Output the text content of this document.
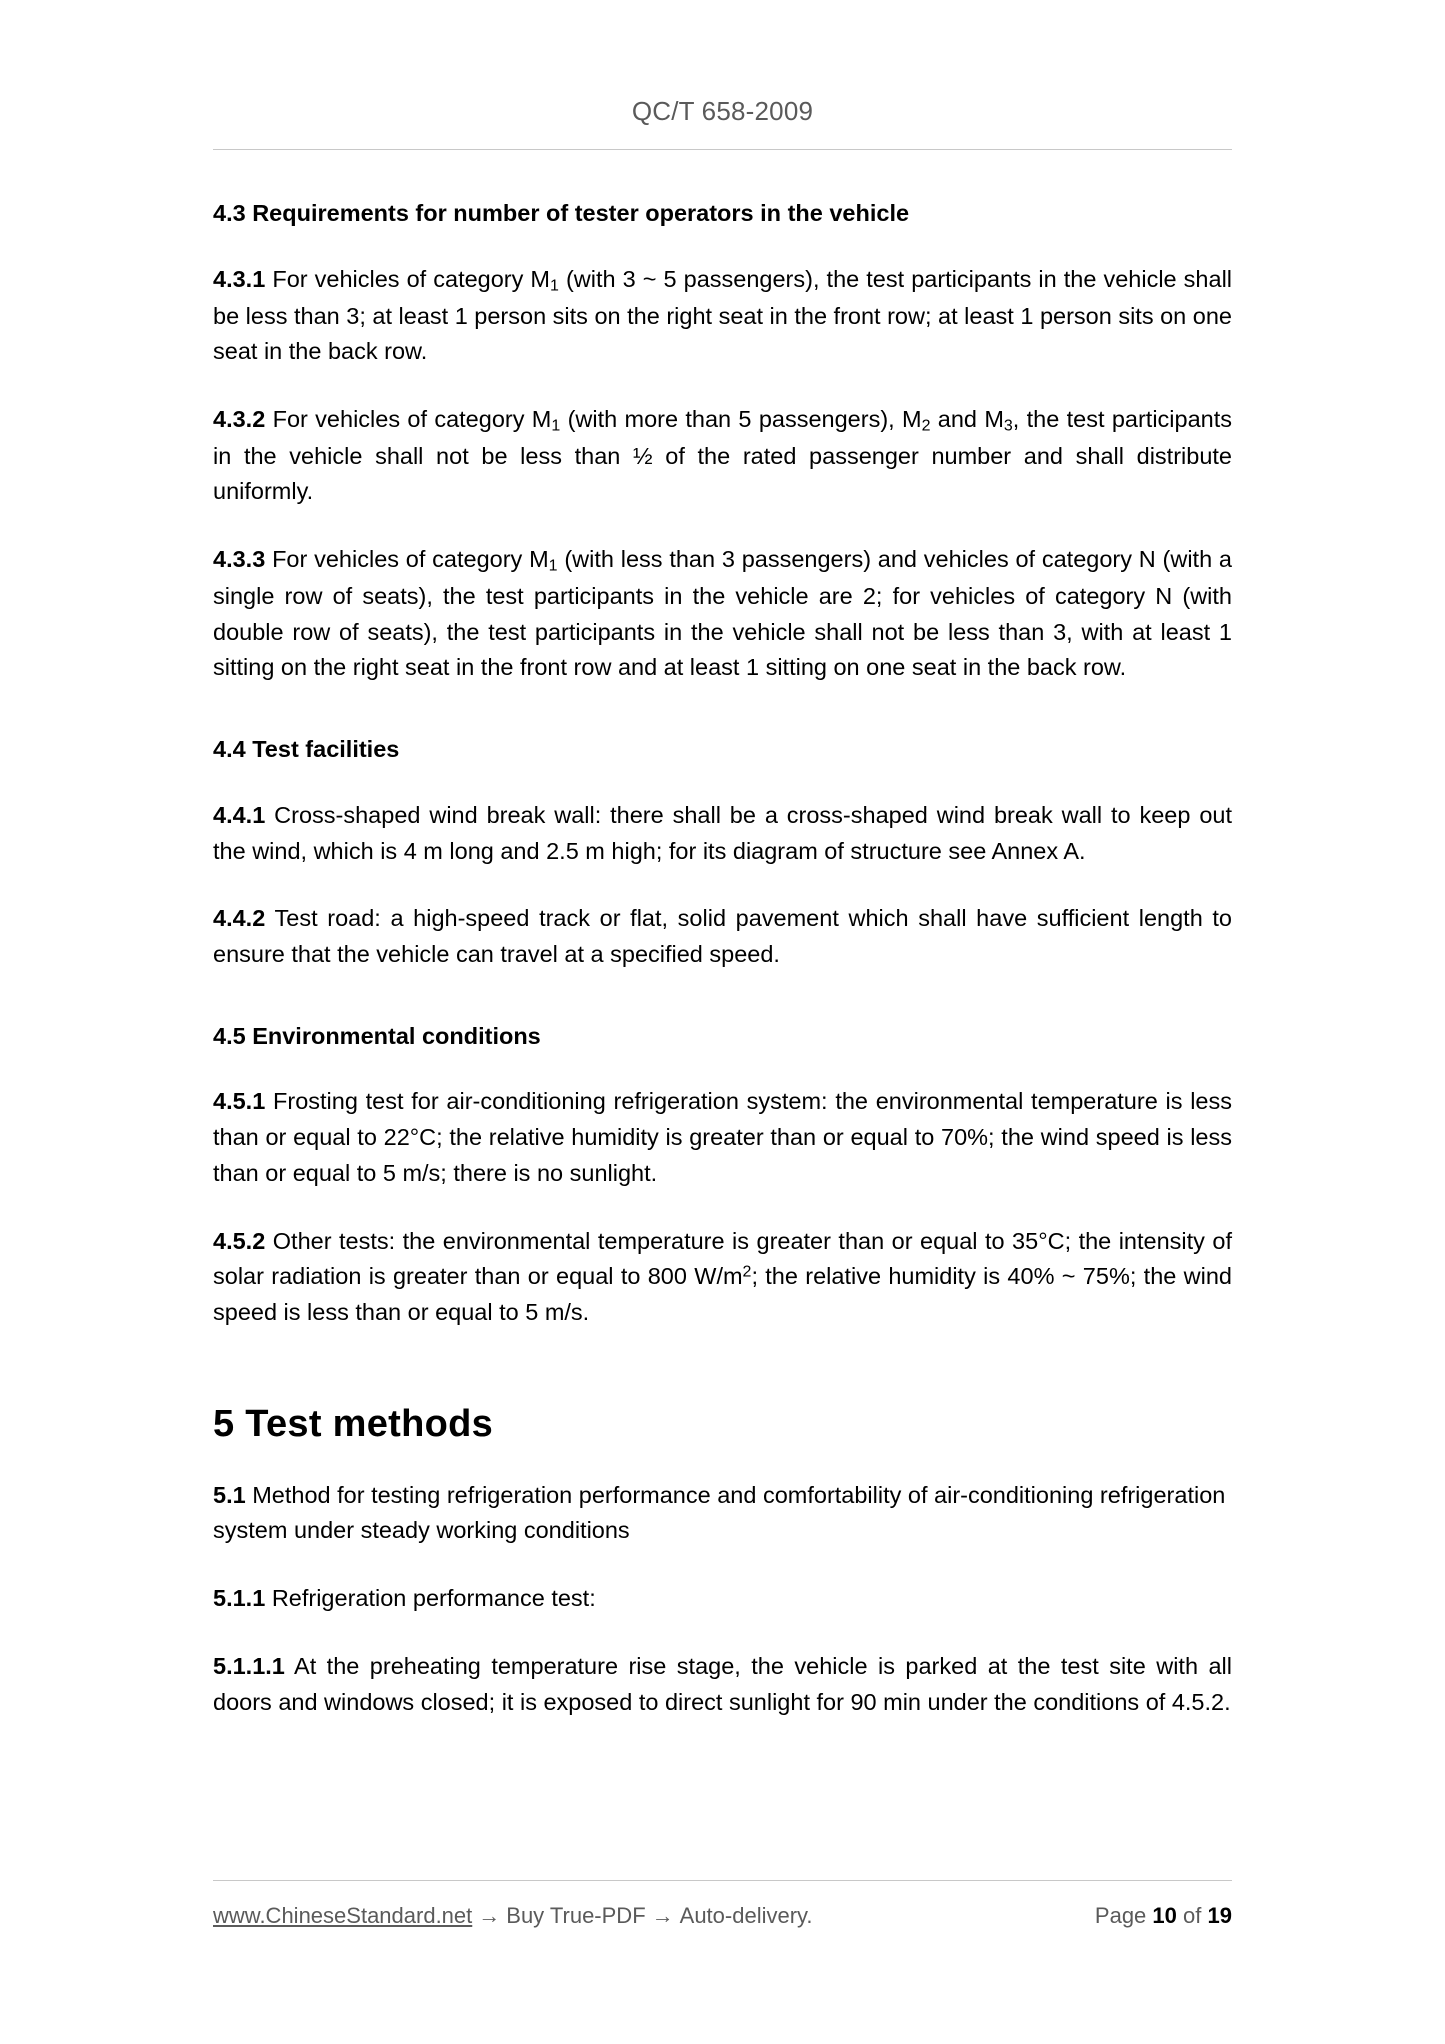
QC/T 658-2009
4.3 Requirements for number of tester operators in the vehicle

4.3.1 For vehicles of category $M_1$ (with 3 ~ 5 passengers), the test participants in the vehicle shall be less than 3; at least 1 person sits on the right seat in the front row; at least 1 person sits on one seat in the back row.

4.3.2 For vehicles of category $M_1$ (with more than 5 passengers), $M_2$ and $M_3$, the test participants in the vehicle shall not be less than ½ of the rated passenger number and shall distribute uniformly.

4.3.3 For vehicles of category $M_1$ (with less than 3 passengers) and vehicles of category N (with a single row of seats), the test participants in the vehicle are 2; for vehicles of category N (with double row of seats), the test participants in the vehicle shall not be less than 3, with at least 1 sitting on the right seat in the front row and at least 1 sitting on one seat in the back row.

4.4 Test facilities

4.4.1 Cross-shaped wind break wall: there shall be a cross-shaped wind break wall to keep out the wind, which is 4 m long and 2.5 m high; for its diagram of structure see Annex A.

4.4.2 Test road: a high-speed track or flat, solid pavement which shall have sufficient length to ensure that the vehicle can travel at a specified speed.

4.5 Environmental conditions

4.5.1 Frosting test for air-conditioning refrigeration system: the environmental temperature is less than or equal to 22°C; the relative humidity is greater than or equal to 70%; the wind speed is less than or equal to 5 m/s; there is no sunlight.

4.5.2 Other tests: the environmental temperature is greater than or equal to 35°C; the intensity of solar radiation is greater than or equal to 800 $W/m^2$; the relative humidity is 40% ~ 75%; the wind speed is less than or equal to 5 m/s.

5 Test methods

5.1 Method for testing refrigeration performance and comfortability of air-conditioning refrigeration system under steady working conditions

5.1.1 Refrigeration performance test:

5.1.1.1 At the preheating temperature rise stage, the vehicle is parked at the test site with all doors and windows closed; it is exposed to direct sunlight for 90 min under the conditions of 4.5.2.

www.ChineseStandard.net → Buy True-PDF → Auto-delivery.	Page 10 of 19
